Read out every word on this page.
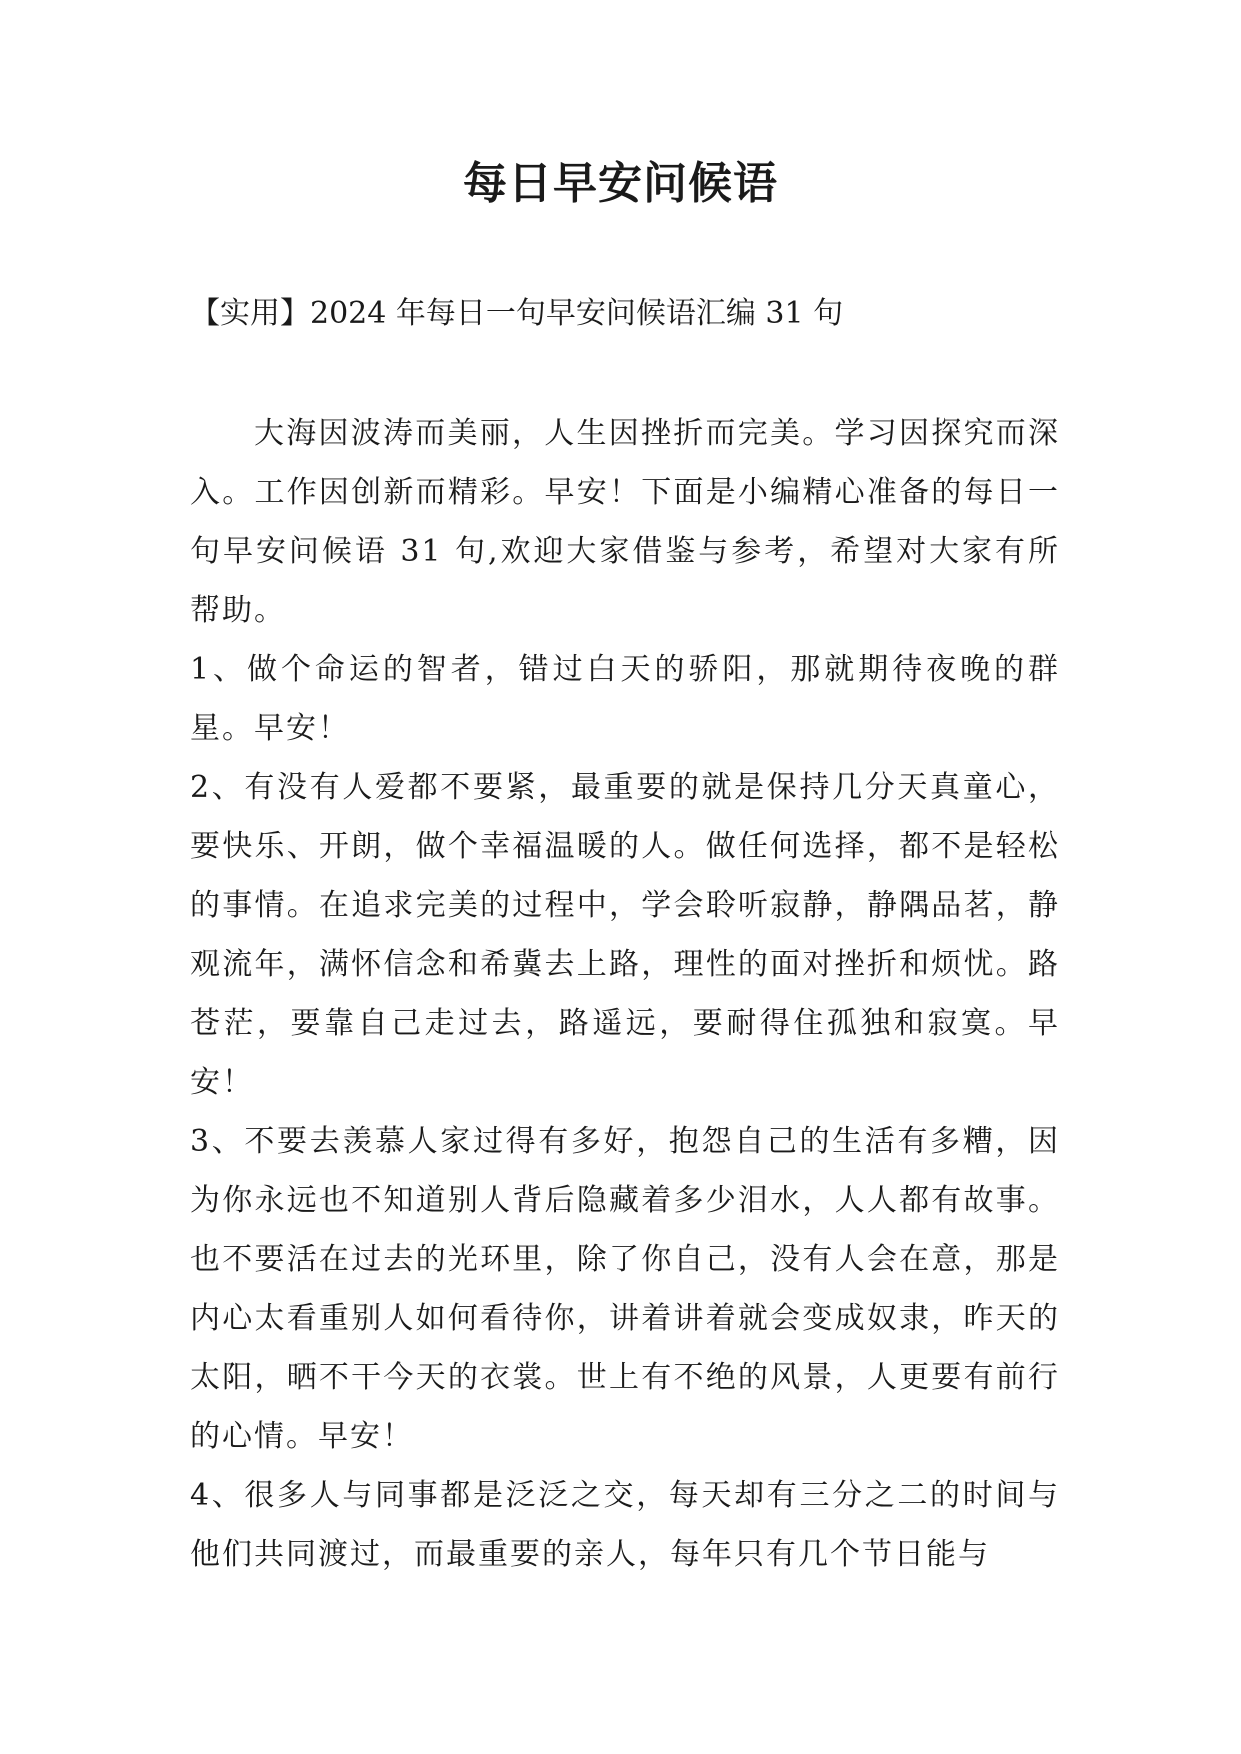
每日早安问候语
【实用】2024 年每日一句早安问候语汇编 31 句

大海因波涛而美丽，人生因挫折而完美。学习因探究而深入。工作因创新而精彩。早安！下面是小编精心准备的每日一句早安问候语 31 句,欢迎大家借鉴与参考，希望对大家有所帮助。

1、做个命运的智者，错过白天的骄阳，那就期待夜晚的群星。早安！

2、有没有人爱都不要紧，最重要的就是保持几分天真童心，要快乐、开朗，做个幸福温暖的人。做任何选择，都不是轻松的事情。在追求完美的过程中，学会聆听寂静，静隅品茗，静观流年，满怀信念和希冀去上路，理性的面对挫折和烦忧。路苍茫，要靠自己走过去，路遥远，要耐得住孤独和寂寞。早安！

3、不要去羡慕人家过得有多好，抱怨自己的生活有多糟，因为你永远也不知道别人背后隐藏着多少泪水，人人都有故事。也不要活在过去的光环里，除了你自己，没有人会在意，那是内心太看重别人如何看待你，讲着讲着就会变成奴隶，昨天的太阳，晒不干今天的衣裳。世上有不绝的风景，人更要有前行的心情。早安！

4、很多人与同事都是泛泛之交，每天却有三分之二的时间与他们共同渡过，而最重要的亲人，每年只有几个节日能与
